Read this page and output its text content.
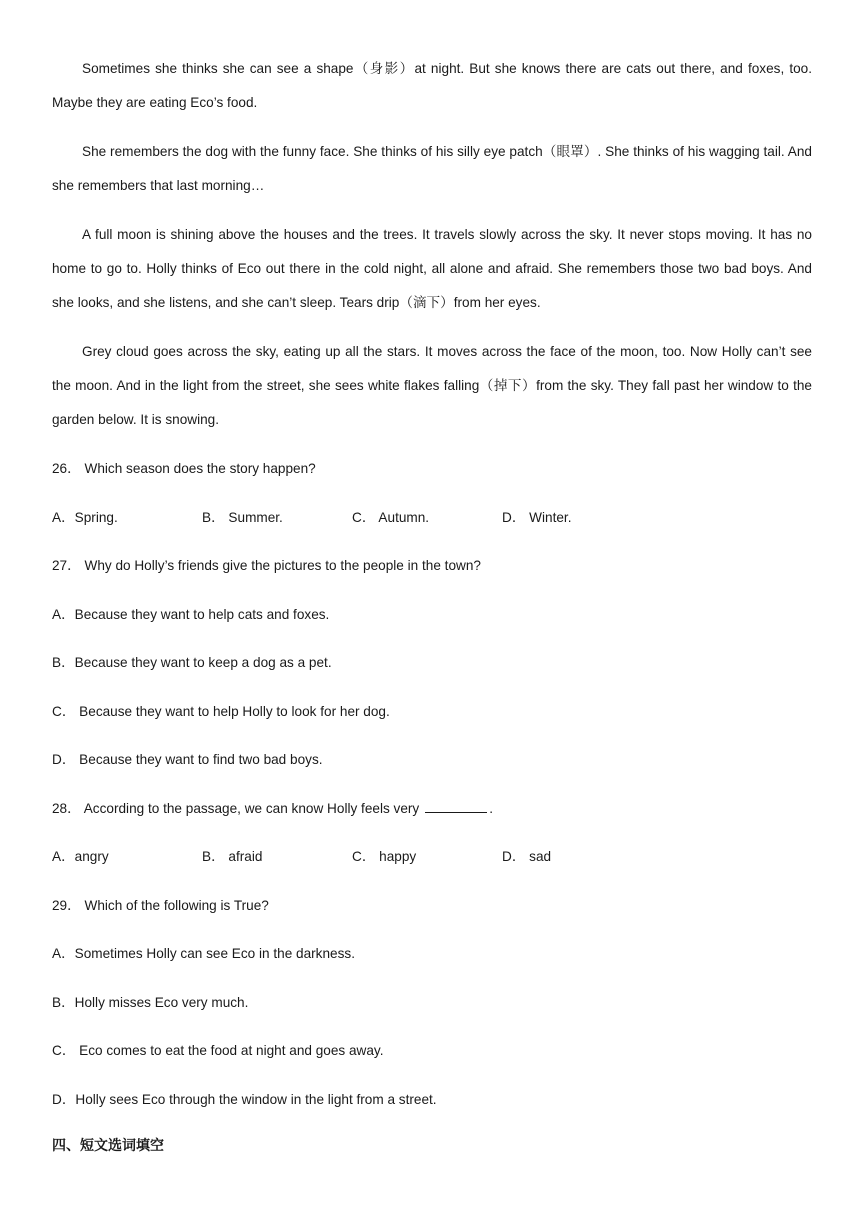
Sometimes she thinks she can see a shape（身影）at night. But she knows there are cats out there, and foxes, too. Maybe they are eating Eco’s food.

She remembers the dog with the funny face. She thinks of his silly eye patch（眼罩）. She thinks of his wagging tail. And she remembers that last morning…

A full moon is shining above the houses and the trees. It travels slowly across the sky. It never stops moving. It has no home to go to. Holly thinks of Eco out there in the cold night, all alone and afraid. She remembers those two bad boys. And she looks, and she listens, and she can’t sleep. Tears drip（滴下）from her eyes.

Grey cloud goes across the sky, eating up all the stars. It moves across the face of the moon, too. Now Holly can’t see the moon. And in the light from the street, she sees white flakes falling（掉下）from the sky. They fall past her window to the garden below. It is snowing.

26． Which season does the story happen?
A．Spring.	B． Summer.	C． Autumn.	D． Winter.
27． Why do Holly’s friends give the pictures to the people in the town?
A．Because they want to help cats and foxes.
B．Because they want to keep a dog as a pet.
C． Because they want to help Holly to look for her dog.
D． Because they want to find two bad boys.
28． According to the passage, we can know Holly feels very	.
A．angry	B． afraid	C． happy	D． sad
29． Which of the following is True?
A．Sometimes Holly can see Eco in the darkness.
B．Holly misses Eco very much.
C． Eco comes to eat the food at night and goes away.
D．Holly sees Eco through the window in the light from a street.
四、短文选词填空
